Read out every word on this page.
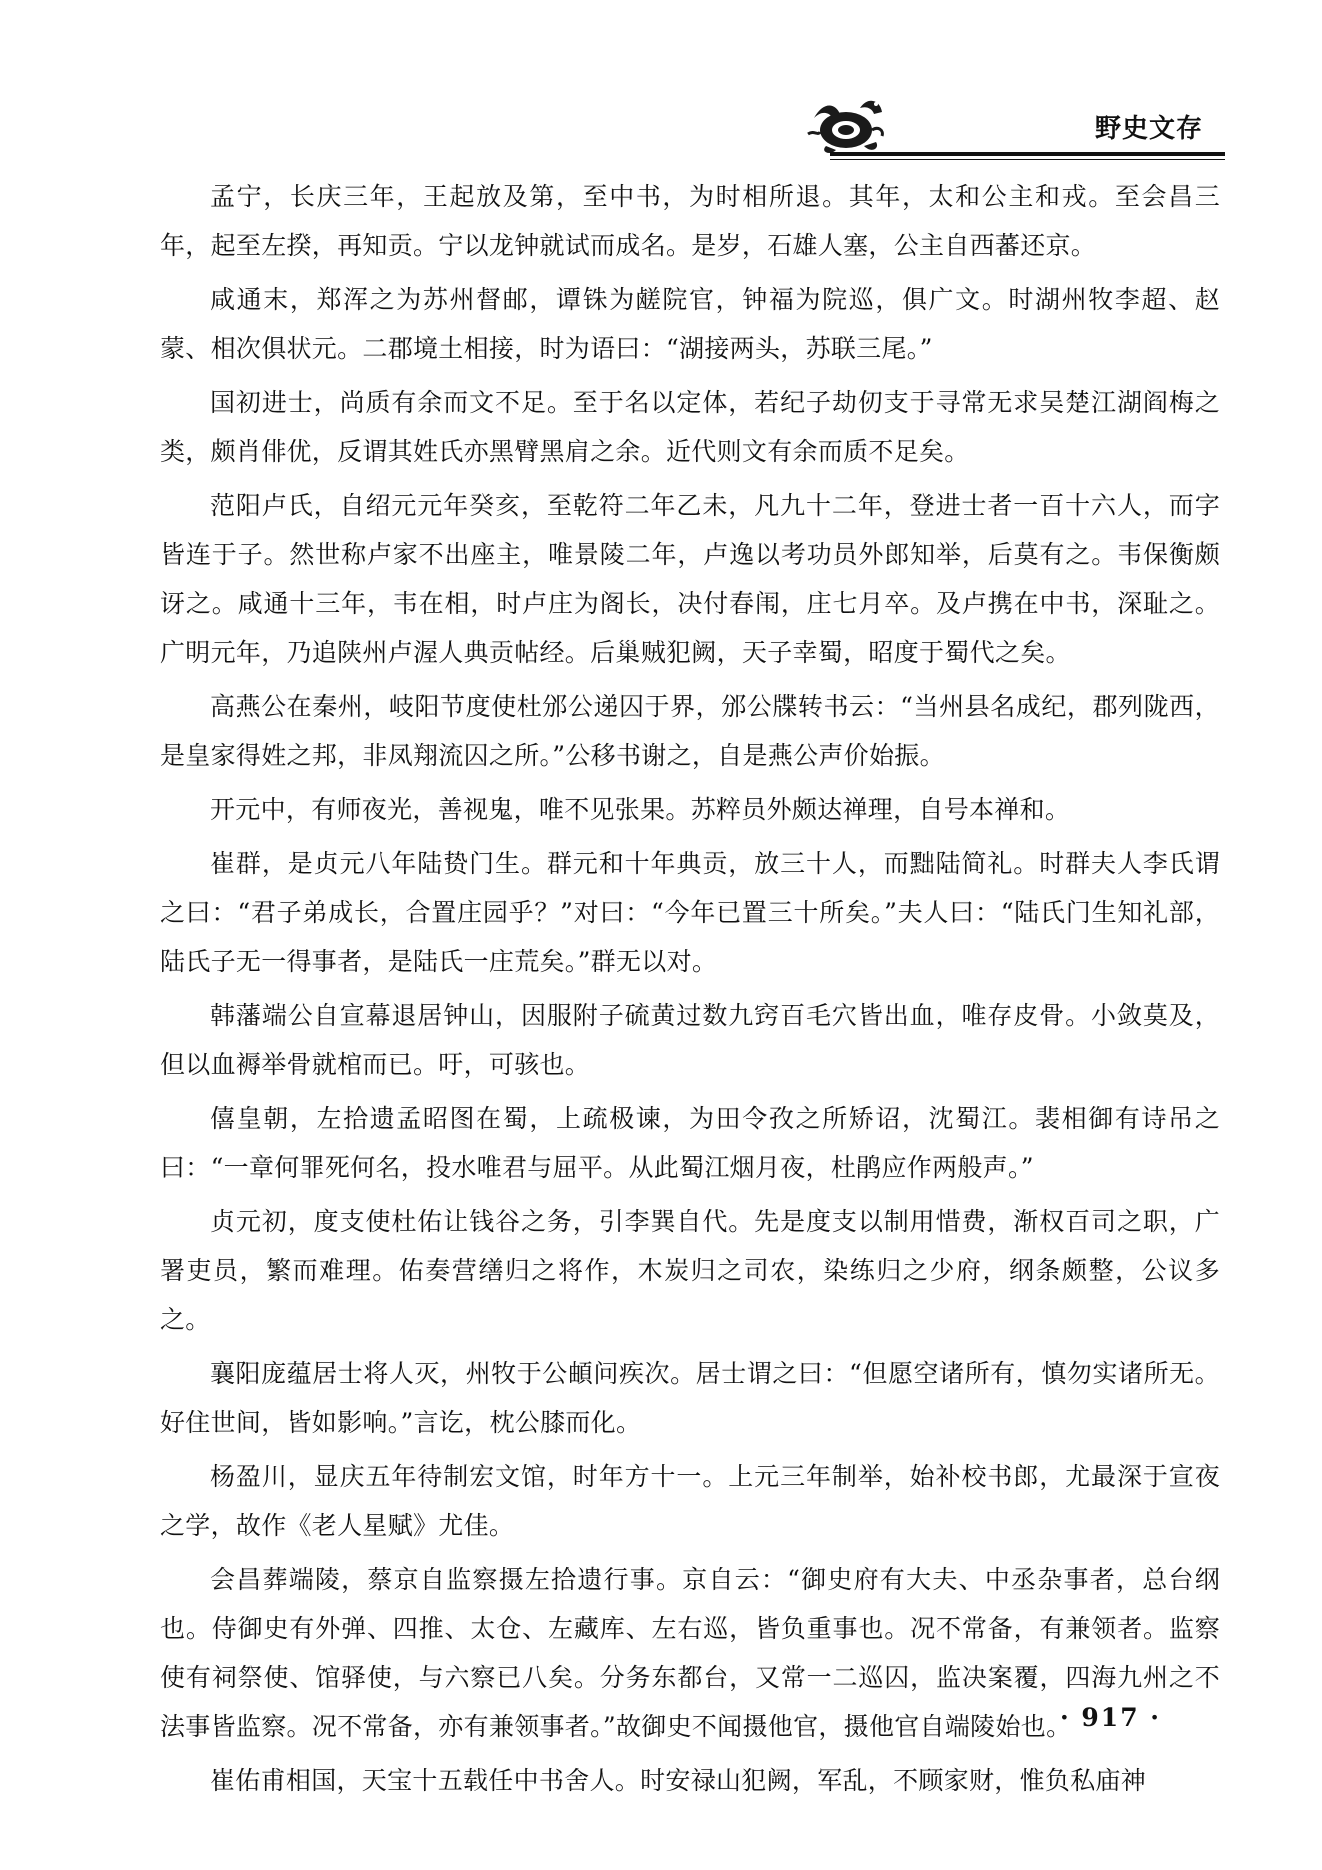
野史文存

孟宁，长庆三年，王起放及第，至中书，为时相所退。其年，太和公主和戎。至会昌三年，起至左揆，再知贡。宁以龙钟就试而成名。是岁，石雄人塞，公主自西蕃还京。

咸通末，郑浑之为苏州督邮，谭铢为鹾院官，钟福为院巡，俱广文。时湖州牧李超、赵蒙、相次俱状元。二郡境土相接，时为语曰：“湖接两头，苏联三尾。”

国初进士，尚质有余而文不足。至于名以定体，若纪子劫仞支于寻常无求吴楚江湖阎梅之类，颇肖俳优，反谓其姓氏亦黑臂黑肩之余。近代则文有余而质不足矣。

范阳卢氏，自绍元元年癸亥，至乾符二年乙未，凡九十二年，登进士者一百十六人，而字皆连于子。然世称卢家不出座主，唯景陵二年，卢逸以考功员外郎知举，后莫有之。韦保衡颇讶之。咸通十三年，韦在相，时卢庄为阁长，决付春闱，庄七月卒。及卢携在中书，深耻之。广明元年，乃追陕州卢渥人典贡帖经。后巢贼犯阙，天子幸蜀，昭度于蜀代之矣。

高燕公在秦州，岐阳节度使杜邠公递囚于界，邠公牒转书云：“当州县名成纪，郡列陇西，是皇家得姓之邦，非凤翔流囚之所。”公移书谢之，自是燕公声价始振。

开元中，有师夜光，善视鬼，唯不见张果。苏粹员外颇达禅理，自号本禅和。

崔群，是贞元八年陆贽门生。群元和十年典贡，放三十人，而黜陆简礼。时群夫人李氏谓之曰：“君子弟成长，合置庄园乎？”对曰：“今年已置三十所矣。”夫人曰：“陆氏门生知礼部，陆氏子无一得事者，是陆氏一庄荒矣。”群无以对。

韩藩端公自宣幕退居钟山，因服附子硫黄过数九窍百毛穴皆出血，唯存皮骨。小敛莫及，但以血褥举骨就棺而已。吁，可骇也。

僖皇朝，左拾遗孟昭图在蜀，上疏极谏，为田令孜之所矫诏，沈蜀江。裴相御有诗吊之曰：“一章何罪死何名，投水唯君与屈平。从此蜀江烟月夜，杜鹃应作两般声。”

贞元初，度支使杜佑让钱谷之务，引李巽自代。先是度支以制用惜费，渐权百司之职，广署吏员，繁而难理。佑奏营缮归之将作，木炭归之司农，染练归之少府，纲条颇整，公议多之。

襄阳庞蕴居士将人灭，州牧于公頔问疾次。居士谓之曰：“但愿空诸所有，慎勿实诸所无。好住世间，皆如影响。”言讫，枕公膝而化。

杨盈川，显庆五年待制宏文馆，时年方十一。上元三年制举，始补校书郎，尤最深于宣夜之学，故作《老人星赋》尤佳。

会昌葬端陵，蔡京自监察摄左拾遗行事。京自云：“御史府有大夫、中丞杂事者，总台纲也。侍御史有外弹、四推、太仓、左藏库、左右巡，皆负重事也。况不常备，有兼领者。监察使有祠祭使、馆驿使，与六察已八矣。分务东都台，又常一二巡囚，监决案覆，四海九州之不法事皆监察。况不常备，亦有兼领事者。”故御史不闻摄他官，摄他官自端陵始也。

崔佑甫相国，天宝十五载任中书舍人。时安禄山犯阙，军乱，不顾家财，惟负私庙神

· 917 ·
